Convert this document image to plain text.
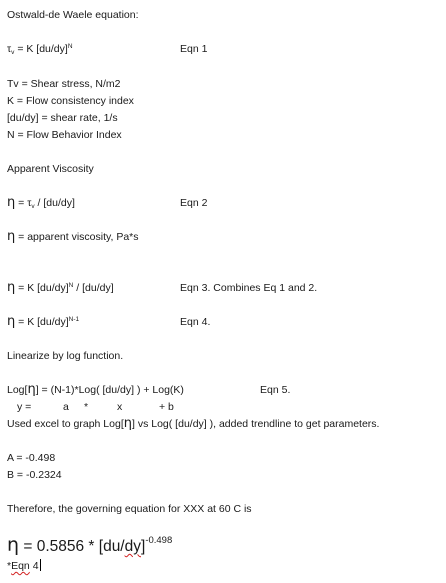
Ostwald-de Waele equation:
$\tau_v = K$ $[du/dy]^N$	Eqn 1
Tv = Shear stress, N/m2
K = Flow consistency index
[du/dy] = shear rate, 1/s
N = Flow Behavior Index
Apparent Viscosity
$\eta = \tau_v / [du/dy]$	Eqn 2
η = apparent viscosity, Pa*s
η = K $[du/dy]^N / [du/dy]$	Eqn 3. Combines Eq 1 and 2.
η = K $[du/dy]^{N-1}$	Eqn 4.
Linearize by log function.
Log[η] = (N-1)*Log( [du/dy] ) + Log(K)	Eqn 5.
y =	a *	x	+ b
Used excel to graph Log[η] vs Log( [du/dy] ), added trendline to get parameters.
A = -0.498
B = -0.2324
Therefore, the governing equation for XXX at 60 C is
$\eta = 0.5856 * [du/dy]^{-0.498}$
*Eqn 4
